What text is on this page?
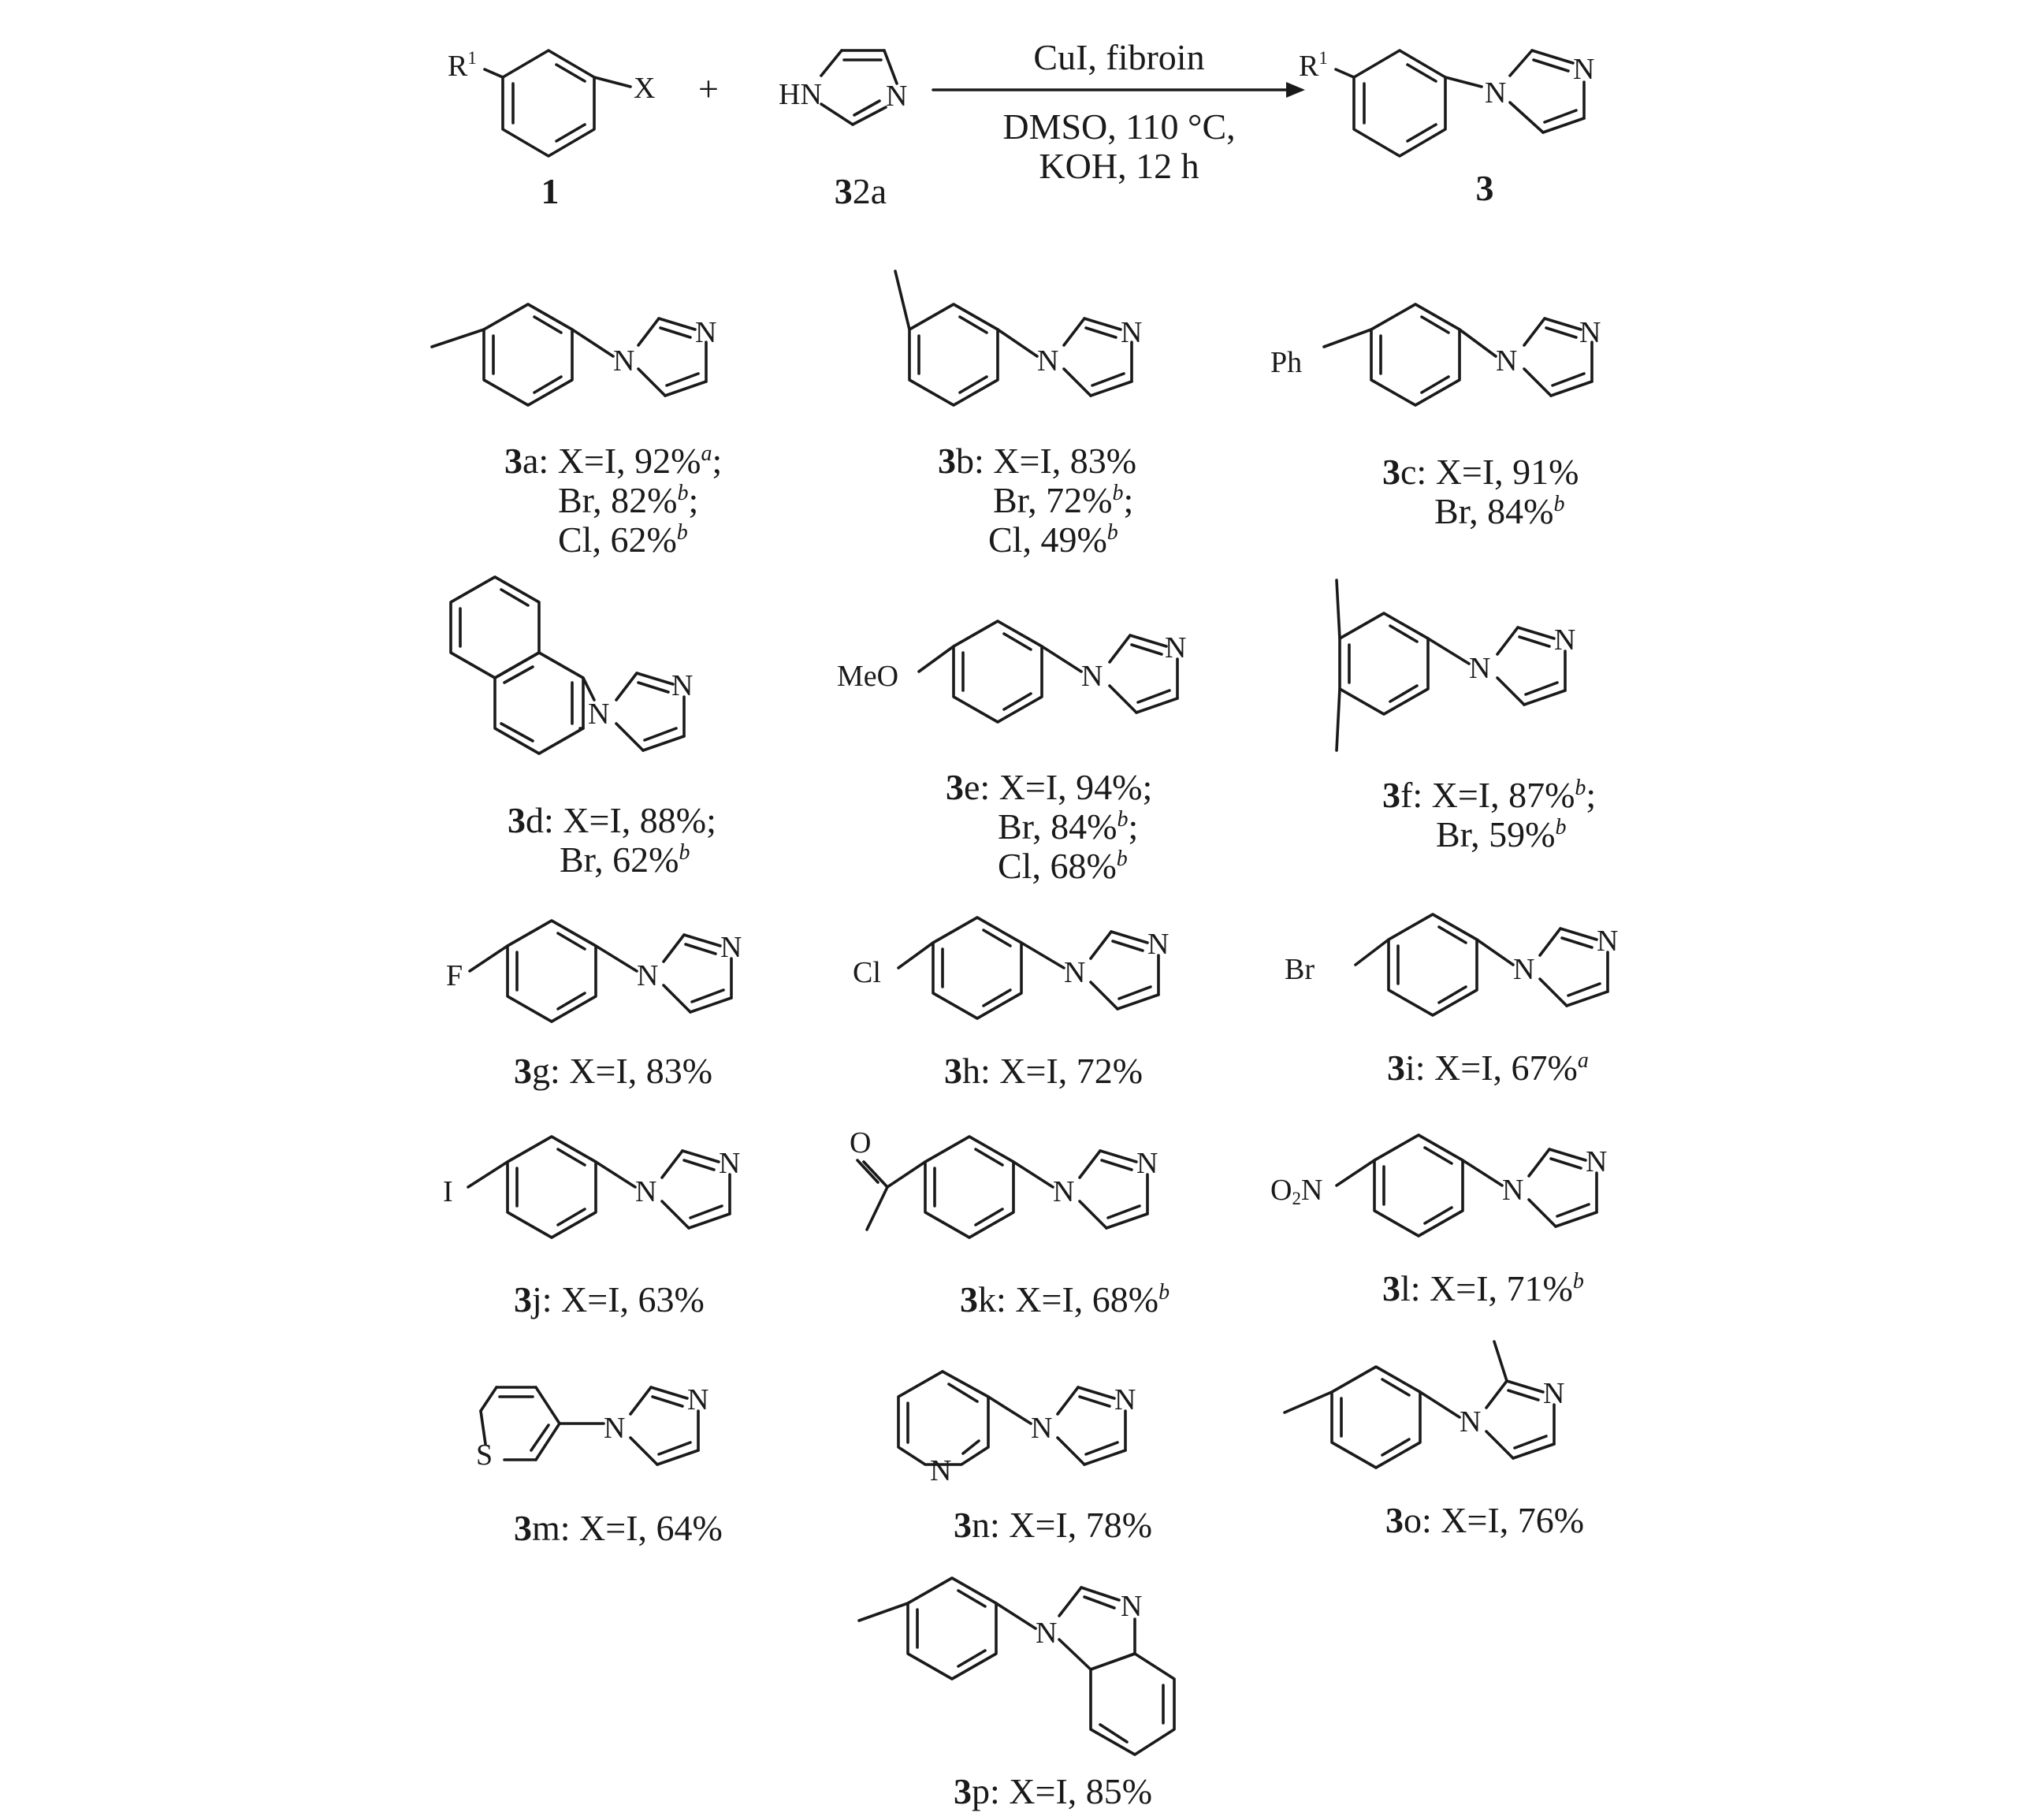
$R^1$
X + HN N
CuI, fibroin
DMSO, 110 °C,
KOH, 12 h
$R^1$
N
N
1	32a	3
N
N
3a: X=I, 92%$^a$; Br, 82%$^b$; Cl, 62%$^b$
N
N
3b: X=I, 83% Br, 72%$^b$; Cl, 49%$^b$
Ph	N
N
3c: X=I, 91% Br, 84%$^b$
N
N
3d: X=I, 88%; Br, 62%$^b$
MeO	N
N
3e: X=I, 94%; Br, 84%$^b$; Cl, 68%$^b$
N
N
3f: X=I, 87%$^b$; Br, 59%$^b$
F	N
N
3g: X=I, 83%
Cl	N
N
3h: X=I, 72%
Br	N
N
3i: X=I, 67%$^a$
I	N
N
3j: X=I, 63%
O
N
N
3k: X=I, 68%$^b$
O2N	N
N
3l: X=I, 71%$^b$
S
N
N
3m: X=I, 64%
N
N
N
3n: X=I, 78%
N
N
3o: X=I, 76%
N
N
3p: X=I, 85%
